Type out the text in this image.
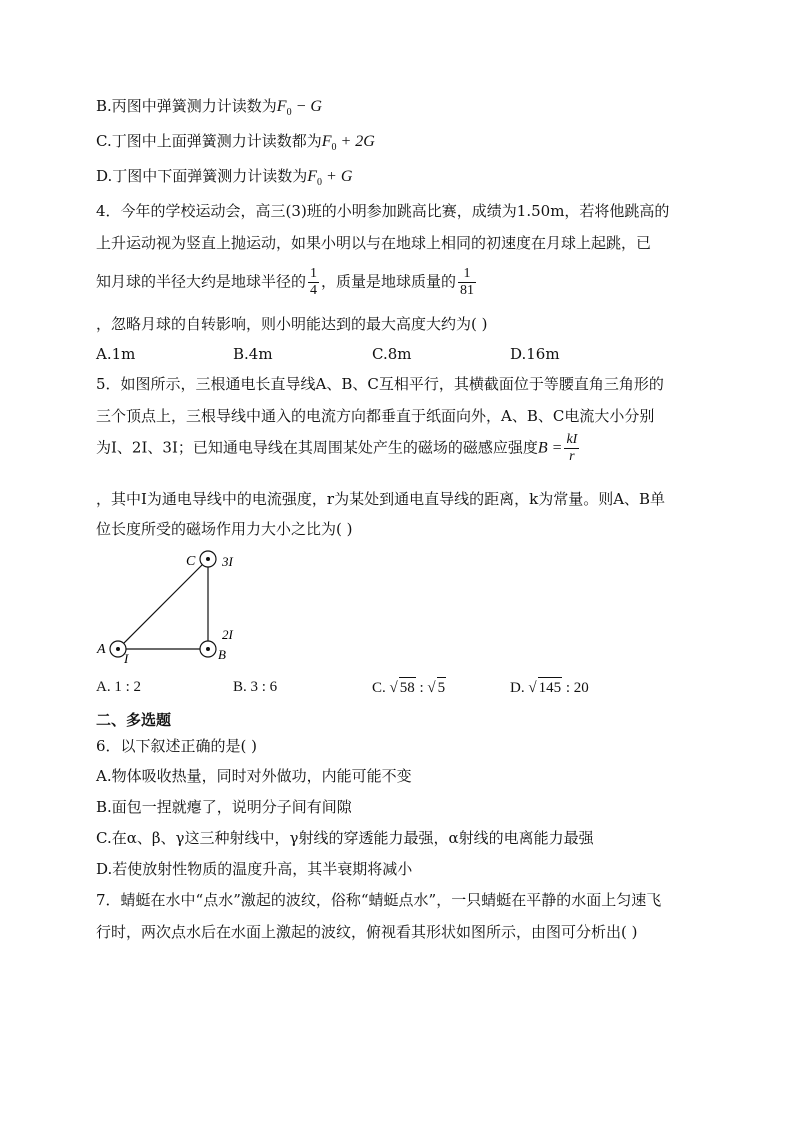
B.丙图中弹簧测力计读数为$F_0 - G$
C.丁图中上面弹簧测力计读数都为$F_0 + 2G$
D.丁图中下面弹簧测力计读数为$F_0 + G$
4．今年的学校运动会，高三(3)班的小明参加跳高比赛，成绩为1.50m，若将他跳高的
上升运动视为竖直上抛运动，如果小明以与在地球上相同的初速度在月球上起跳，已
知月球的半径大约是地球半径的 $\frac{1}{4}$ ，质量是地球质量的 $\frac{1}{81}$
，忽略月球的自转影响，则小明能达到的最大高度大约为( )
A.1m	B.4m	C.8m	D.16m
5．如图所示，三根通电长直导线A、B、C互相平行，其横截面位于等腰直角三角形的
三个顶点上，三根导线中通入的电流方向都垂直于纸面向外，A、B、C电流大小分别
为I、2I、3I；已知通电导线在其周围某处产生的磁场的磁感应强度$B = \frac{kI}{r}$
，其中I为通电导线中的电流强度，r为某处到通电直导线的距离，k为常量。则A、B单
位长度所受的磁场作用力大小之比为( )
C 3I
2I
A
I	B
A. 1 : 2	B. 3 : 6	C. √ 58 : √ 5	D. √ 145 : 20
二、多选题
6．以下叙述正确的是( )
A.物体吸收热量，同时对外做功，内能可能不变
B.面包一捏就瘪了，说明分子间有间隙
C.在α、β、γ这三种射线中，γ射线的穿透能力最强，α射线的电离能力最强
D.若使放射性物质的温度升高，其半衰期将减小
7．蜻蜓在水中“点水”激起的波纹，俗称“蜻蜓点水”，一只蜻蜓在平静的水面上匀速飞
行时，两次点水后在水面上激起的波纹，俯视看其形状如图所示，由图可分析出( )
